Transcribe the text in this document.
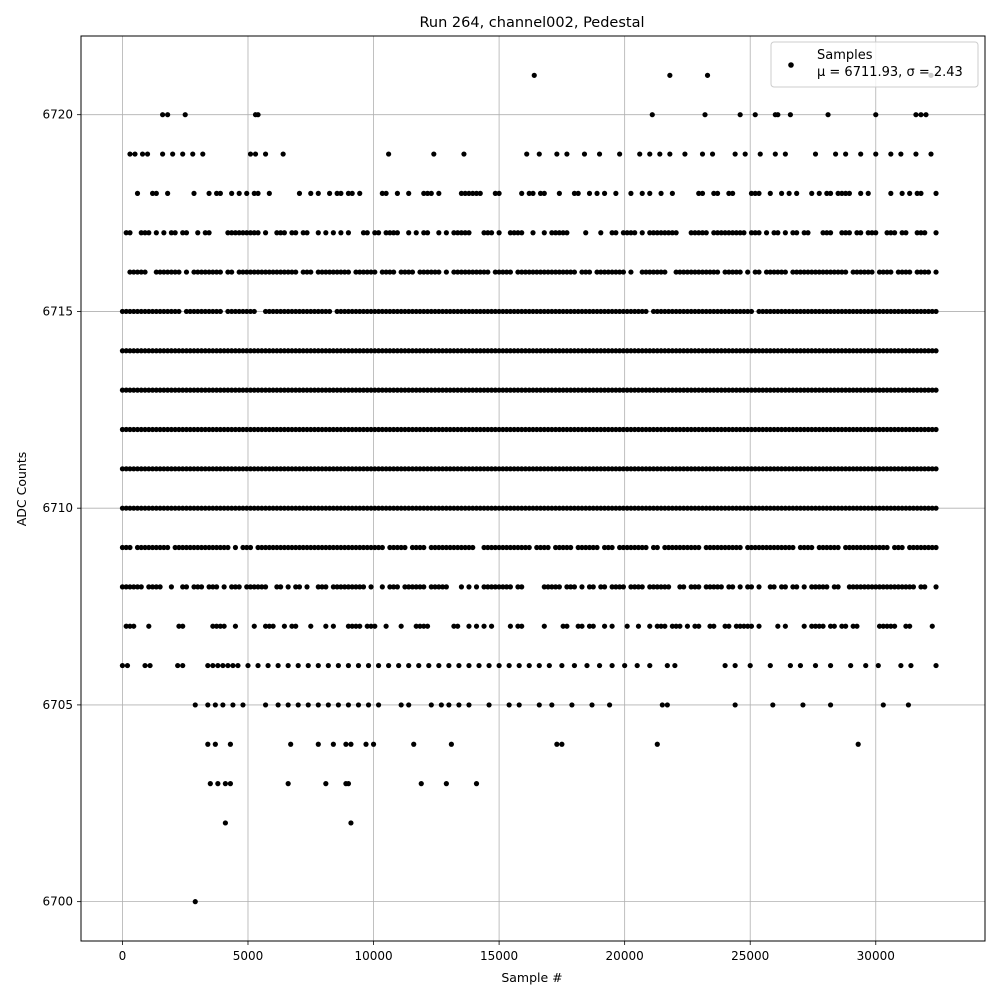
0	5000	10000	15000	20000	25000	30000
6700
6705
6710
6715
6720
Run 264, channel002, Pedestal
Sample #
ADC Counts
Samples
μ = 6711.93, σ = 2.43
